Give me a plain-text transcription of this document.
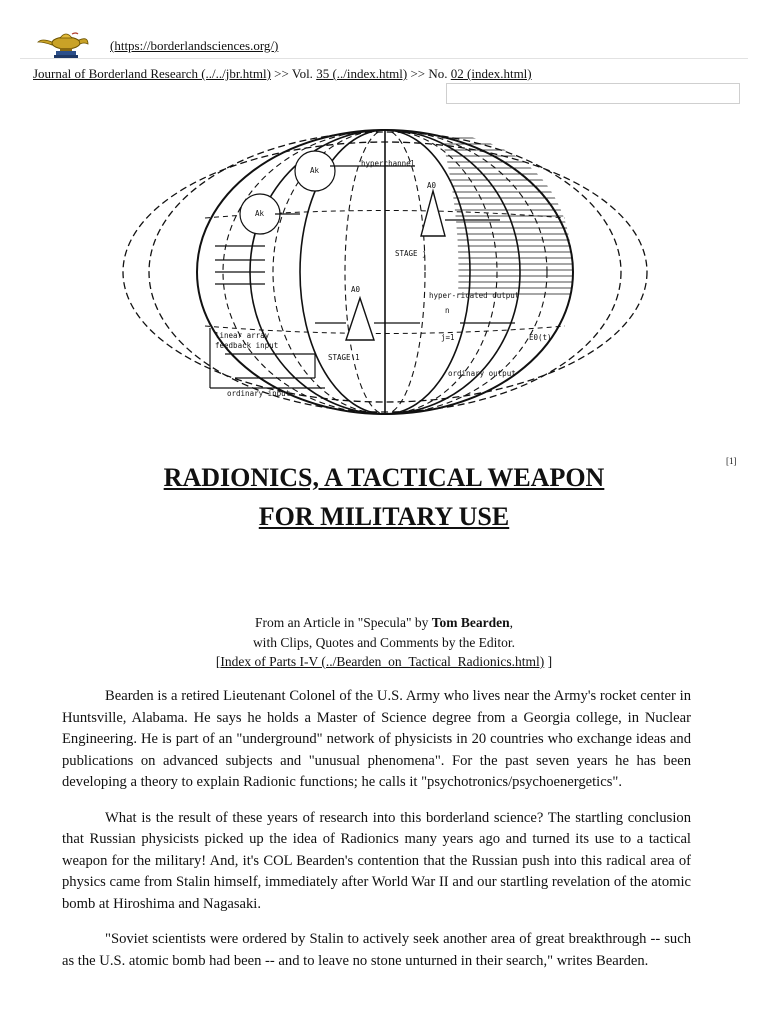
(https://borderlandsciences.org/)
Journal of Borderland Research (../../jbr.html) >> Vol. 35 (../index.html) >> No. 02 (index.html)
hyperchannel
Ak
Ak
A0
A0
STAGE j
STAGE 1
hyper-ricated output
linear array
feedback input
ordinary input
ordinary output
E0(t)
n
j=1
[1]
RADIONICS, A TACTICAL WEAPON
FOR MILITARY USE
From an Article in "Specula" by Tom Bearden,
with Clips, Quotes and Comments by the Editor.
[Index of Parts I-V (../Bearden_on_Tactical_Radionics.html) ]

Bearden is a retired Lieutenant Colonel of the U.S. Army who lives near the Army's rocket center in Huntsville, Alabama. He says he holds a Master of Science degree from a Georgia college, in Nuclear Engineering. He is part of an "underground" network of physicists in 20 countries who exchange ideas and publications on advanced subjects and "unusual phenomena". For the past seven years he has been developing a theory to explain Radionic functions; he calls it "psychotronics/psychoenergetics".

What is the result of these years of research into this borderland science? The startling conclusion that Russian physicists picked up the idea of Radionics many years ago and turned its use to a tactical weapon for the military! And, it's COL Bearden's contention that the Russian push into this radical area of physics came from Stalin himself, immediately after World War II and our startling revelation of the atomic bomb at Hiroshima and Nagasaki.

"Soviet scientists were ordered by Stalin to actively seek another area of great breakthrough -- such as the U.S. atomic bomb had been -- and to leave no stone unturned in their search," writes Bearden.
